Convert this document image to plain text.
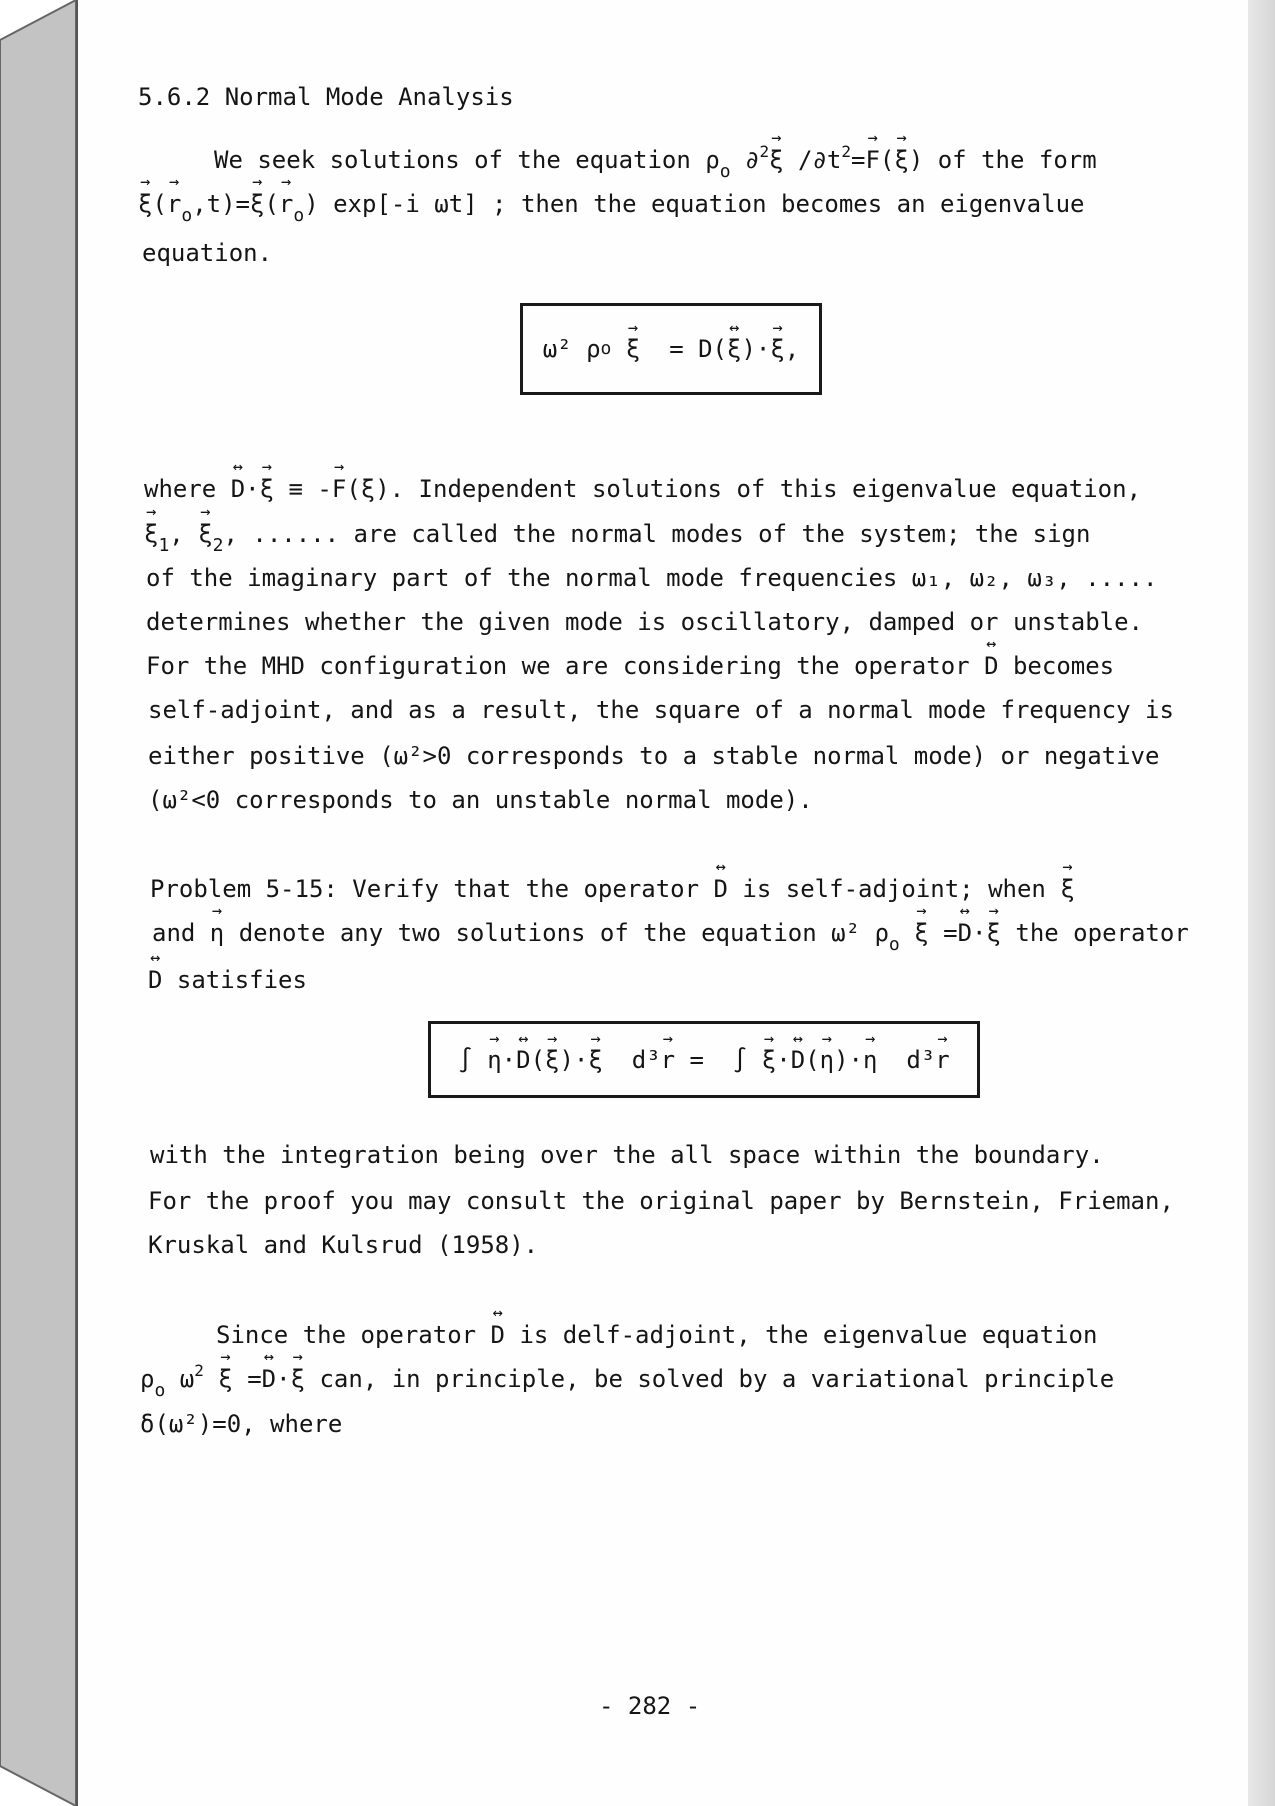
5.6.2 Normal Mode Analysis
We seek solutions of the equation $\rho_o$ ∂$^2$→ ξ $/\partial t^2=\to F(\to \xi)$ of the form
→ $\xi(\to r_o,t)=\to \xi(\to r_o)$ exp[-i ωt] ; then the equation becomes an eigenvalue
equation.
ω² ρ o
→ ξ
= D( ↔ ξ )· → ξ ,
where ↔ D·→ ξ ≡ -→ F(ξ). Independent solutions of this eigenvalue equation,
→ $\xi_1$, → $\xi_2$, ...... are called the normal modes of the system; the sign
of the imaginary part of the normal mode frequencies ω₁, ω₂, ω₃, .....
determines whether the given mode is oscillatory, damped or unstable.
For the MHD configuration we are considering the operator ↔ D becomes
self-adjoint, and as a result, the square of a normal mode frequency is
either positive (ω²>0 corresponds to a stable normal mode) or negative
(ω²<0 corresponds to an unstable normal mode).
Problem 5-15: Verify that the operator ↔ D is self-adjoint; when → ξ
and → η denote any two solutions of the equation ω² $\rho_o \to \xi$ =↔ D·→ ξ the operator
↔ D satisfies
∫
→ η · ↔ D ( → ξ )· → ξ
d³ → r = ∫
→ ξ · ↔ D ( → η )· → η
d³ → r
with the integration being over the all space within the boundary.
For the proof you may consult the original paper by Bernstein, Frieman,
Kruskal and Kulsrud (1958).
Since the operator ↔ D is delf-adjoint, the eigenvalue equation
$\rho_o$ $\omega^2 \to \xi$ =↔ D·→ ξ can, in principle, be solved by a variational principle
δ(ω²)=0, where
- 282 -
